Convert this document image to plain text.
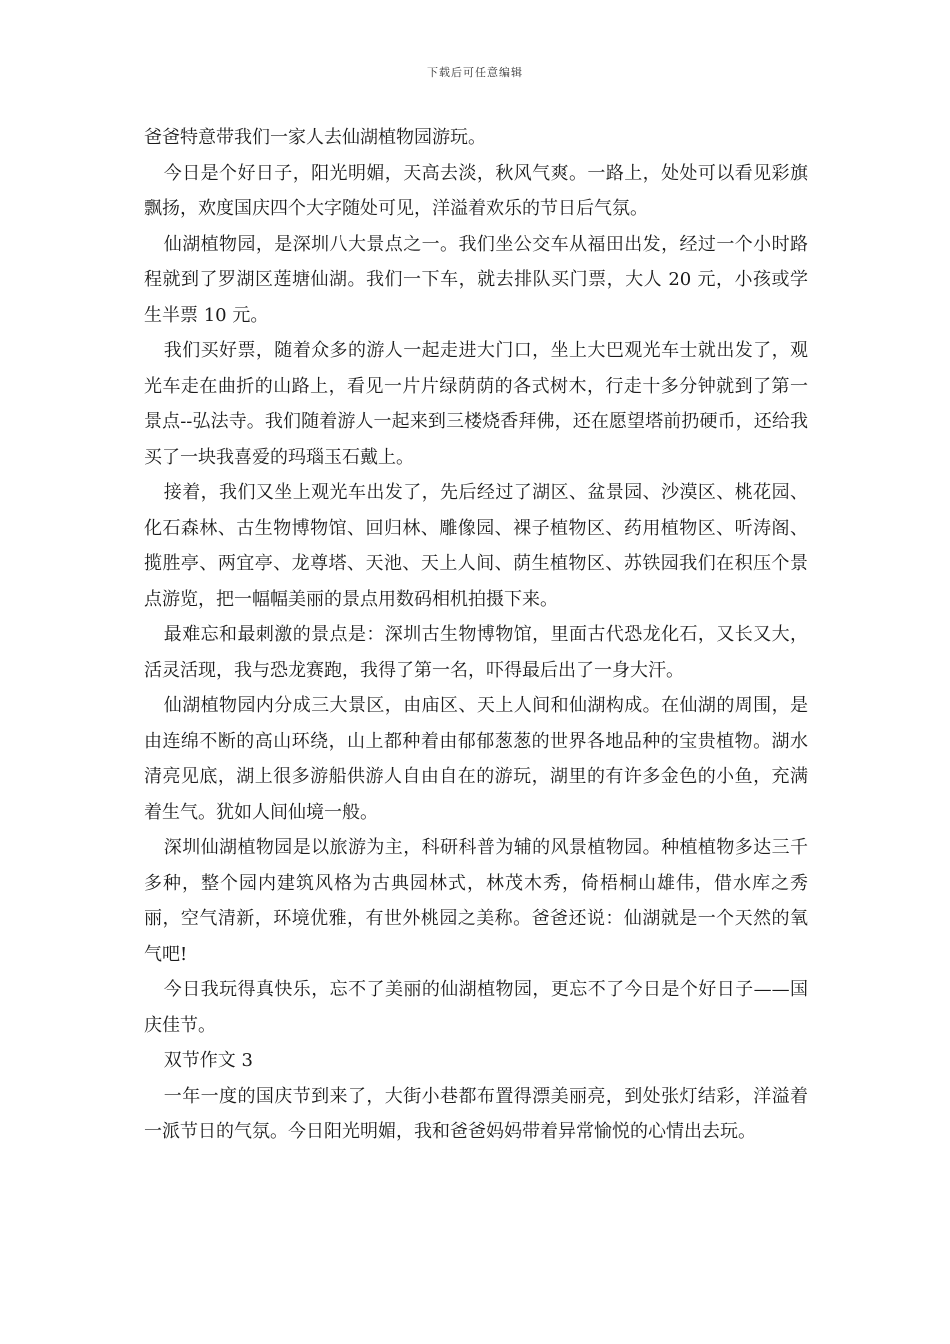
下载后可任意编辑

爸爸特意带我们一家人去仙湖植物园游玩。

今日是个好日子，阳光明媚，天高去淡，秋风气爽。一路上，处处可以看见彩旗飘扬，欢度国庆四个大字随处可见，洋溢着欢乐的节日后气氛。

仙湖植物园，是深圳八大景点之一。我们坐公交车从福田出发，经过一个小时路程就到了罗湖区莲塘仙湖。我们一下车，就去排队买门票，大人 20 元，小孩或学生半票 10 元。

我们买好票，随着众多的游人一起走进大门口，坐上大巴观光车士就出发了，观光车走在曲折的山路上，看见一片片绿荫荫的各式树木，行走十多分钟就到了第一景点--弘法寺。我们随着游人一起来到三楼烧香拜佛，还在愿望塔前扔硬币，还给我买了一块我喜爱的玛瑙玉石戴上。

接着，我们又坐上观光车出发了，先后经过了湖区、盆景园、沙漠区、桃花园、化石森林、古生物博物馆、回归林、雕像园、裸子植物区、药用植物区、听涛阁、揽胜亭、两宜亭、龙尊塔、天池、天上人间、荫生植物区、苏铁园我们在积压个景点游览，把一幅幅美丽的景点用数码相机拍摄下来。

最难忘和最刺激的景点是：深圳古生物博物馆，里面古代恐龙化石，又长又大，活灵活现，我与恐龙赛跑，我得了第一名，吓得最后出了一身大汗。

仙湖植物园内分成三大景区，由庙区、天上人间和仙湖构成。在仙湖的周围，是由连绵不断的高山环绕，山上都种着由郁郁葱葱的世界各地品种的宝贵植物。湖水清亮见底，湖上很多游船供游人自由自在的游玩，湖里的有许多金色的小鱼，充满着生气。犹如人间仙境一般。

深圳仙湖植物园是以旅游为主，科研科普为辅的风景植物园。种植植物多达三千多种，整个园内建筑风格为古典园林式，林茂木秀，倚梧桐山雄伟，借水库之秀丽，空气清新，环境优雅，有世外桃园之美称。爸爸还说：仙湖就是一个天然的氧气吧!

今日我玩得真快乐，忘不了美丽的仙湖植物园，更忘不了今日是个好日子——国庆佳节。

双节作文 3

一年一度的国庆节到来了，大街小巷都布置得漂美丽亮，到处张灯结彩，洋溢着一派节日的气氛。今日阳光明媚，我和爸爸妈妈带着异常愉悦的心情出去玩。
